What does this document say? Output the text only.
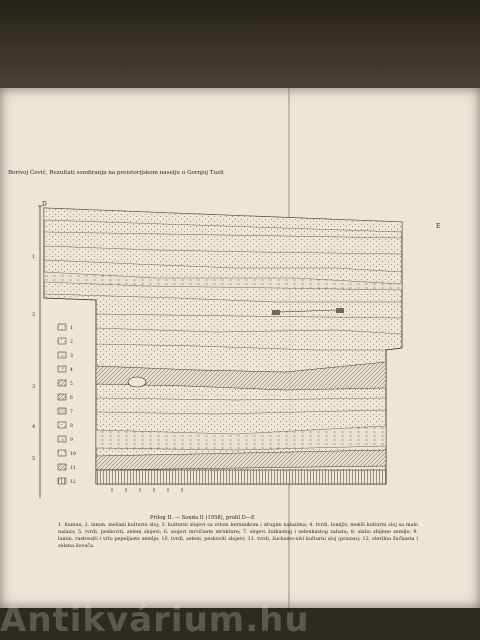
Borivoj Čović, Rezultati sondiranja na preistorijskom naselju u Gornjoj Tuzli
D
E
1
2
3
4
5
1
2
3
4
5
6
7
8
9
10
11
12
Prilog II. — Sonda II (1958), profil D—E
1. humus; 2. lamin. mešani kulturni sloj; 3. kulturni slojevi sa vrlom keramikom i drugim nalazima; 4. tvrdi, lomljiv, mekši kulturni sloj sa malo nalaza; 5. tvrdi, peskoviti, zeleni slojevi; 6. slojevi mrvičaste strukture; 7. slojevi žutkastog i zelenkastog zabata; 8. slabo zbijene zemlje; 9. lamin. rastresiti i vrlo pepeljaste zemlje; 10. tvrdi, zeleni, peskoviti slojevi; 11. tvrdi, žuckasto-sivi kulturni sloj (prazan); 12. sterilna žućkasta i zelena ilovača.
Antikvárium.hu
